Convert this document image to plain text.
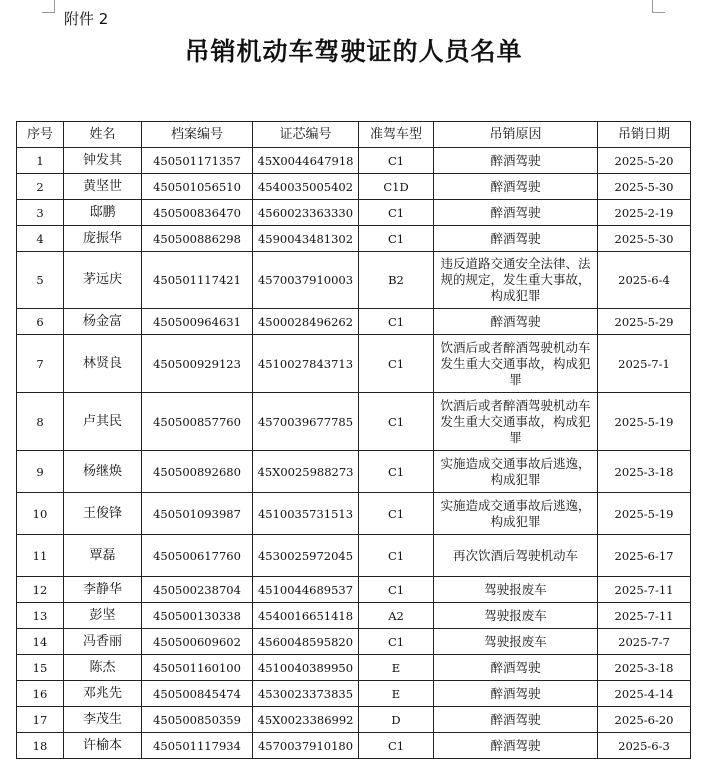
附件 2
吊销机动车驾驶证的人员名单
序号	姓名	档案编号	证芯编号	准驾车型	吊销原因	吊销日期
1	钟发其	450501171357	45X0044647918	C1	醉酒驾驶	2025-5-20
2	黄坚世	450501056510	4540035005402	C1D	醉酒驾驶	2025-5-30
3	邸鹏	450500836470	4560023363330	C1	醉酒驾驶	2025-2-19
4	庞振华	450500886298	4590043481302	C1	醉酒驾驶	2025-5-30
5	茅远庆	450501117421	4570037910003	B2	违反道路交通安全法律、法规的规定，发生重大事故，构成犯罪	2025-6-4
6	杨金富	450500964631	4500028496262	C1	醉酒驾驶	2025-5-29
7	林贤良	450500929123	4510027843713	C1	饮酒后或者醉酒驾驶机动车发生重大交通事故，构成犯罪	2025-7-1
8	卢其民	450500857760	4570039677785	C1	饮酒后或者醉酒驾驶机动车发生重大交通事故，构成犯罪	2025-5-19
9	杨继焕	450500892680	45X0025988273	C1	实施造成交通事故后逃逸，构成犯罪	2025-3-18
10	王俊锋	450501093987	4510035731513	C1	实施造成交通事故后逃逸，构成犯罪	2025-5-19
11	覃磊	450500617760	4530025972045	C1	再次饮酒后驾驶机动车	2025-6-17
12	李静华	450500238704	4510044689537	C1	驾驶报废车	2025-7-11
13	彭坚	450500130338	4540016651418	A2	驾驶报废车	2025-7-11
14	冯香丽	450500609602	4560048595820	C1	驾驶报废车	2025-7-7
15	陈杰	450501160100	4510040389950	E	醉酒驾驶	2025-3-18
16	邓兆先	450500845474	4530023373835	E	醉酒驾驶	2025-4-14
17	李茂生	450500850359	45X0023386992	D	醉酒驾驶	2025-6-20
18	许榆本	450501117934	4570037910180	C1	醉酒驾驶	2025-6-3
